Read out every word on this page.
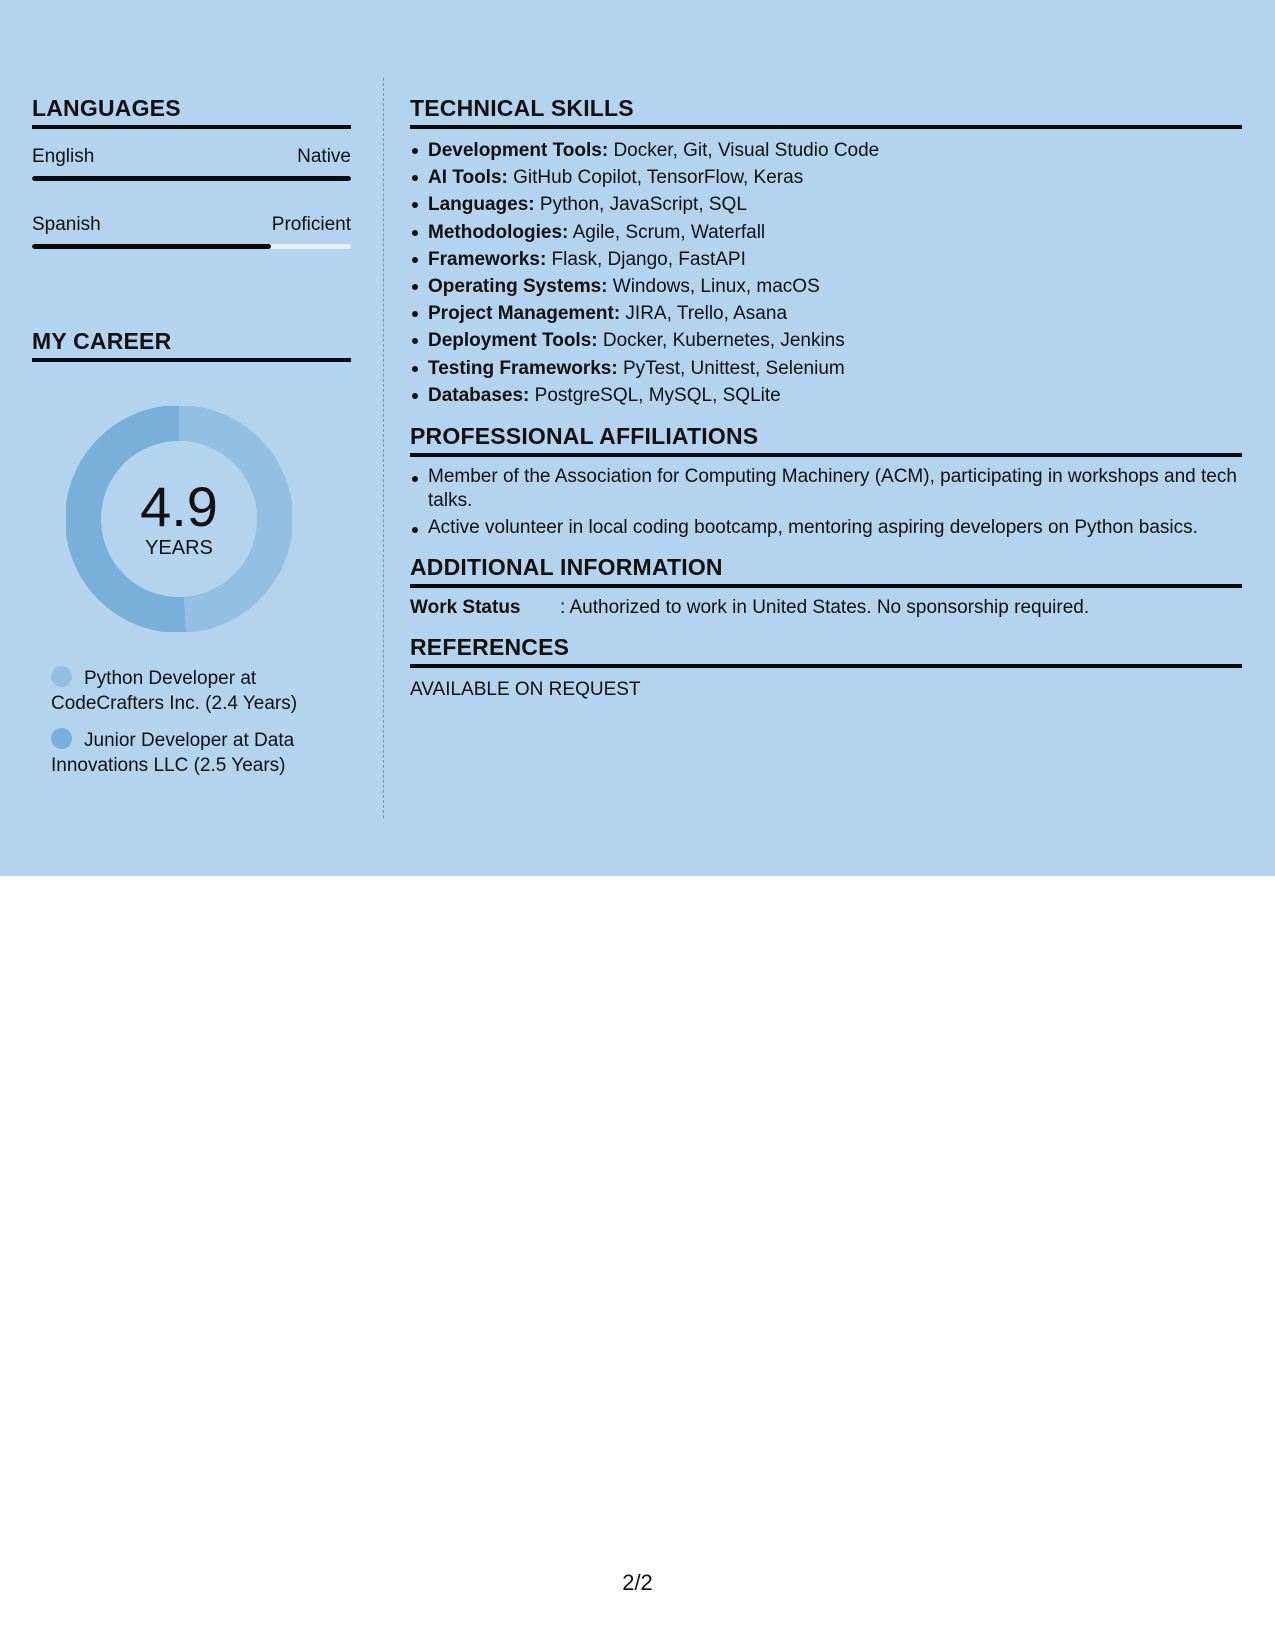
LANGUAGES
English	Native
Spanish	Proficient
MY CAREER
4.9
YEARS
Python Developer at CodeCrafters Inc. (2.4 Years)
Junior Developer at Data Innovations LLC (2.5 Years)
TECHNICAL SKILLS
Development Tools: Docker, Git, Visual Studio Code
AI Tools: GitHub Copilot, TensorFlow, Keras
Languages: Python, JavaScript, SQL
Methodologies: Agile, Scrum, Waterfall
Frameworks: Flask, Django, FastAPI
Operating Systems: Windows, Linux, macOS
Project Management: JIRA, Trello, Asana
Deployment Tools: Docker, Kubernetes, Jenkins
Testing Frameworks: PyTest, Unittest, Selenium
Databases: PostgreSQL, MySQL, SQLite
PROFESSIONAL AFFILIATIONS
Member of the Association for Computing Machinery (ACM), participating in workshops and tech talks.
Active volunteer in local coding bootcamp, mentoring aspiring developers on Python basics.
ADDITIONAL INFORMATION
Work Status	: Authorized to work in United States. No sponsorship required.
REFERENCES
AVAILABLE ON REQUEST
2/2
